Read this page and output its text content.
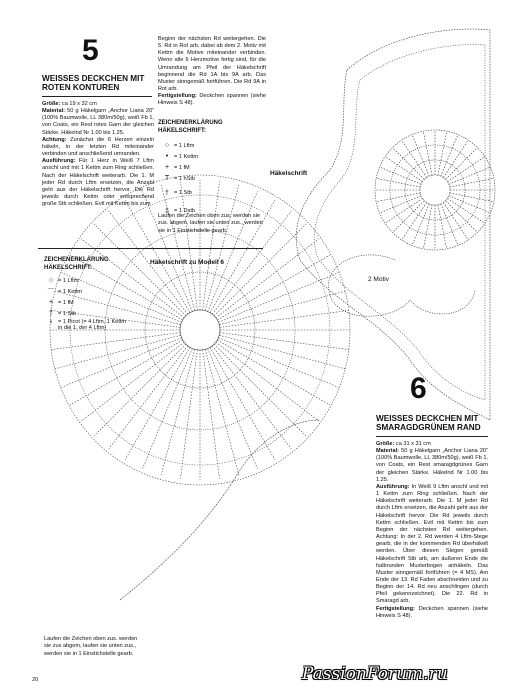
5
WEISSES DECKCHEN MIT ROTEN KONTUREN
Größe: ca 19 x 32 cm
Material: 50 g Häkelgarn „Anchor Liana 20“ (100% Baumwolle, LL 380m/50g), weiß Fb 1, von Coats, ein Rest rotes Garn der gleichen Stärke. Häkelnd Nr 1.00 bis 1.25.
Achtung: Zunächst die 6 Herzen einzeln häkeln, in der letzten Rd miteinander verbinden und anschließend umranden.
Ausführung: Für 1 Herz in Weiß 7 Lftm anschl und mit 1 Kettm zum Ring schließen. Nach der Häkelschrift weiterarb. Die 1. M jeder Rd durch Lftm ersetzen, die Anzahl geht aus der Häkelschrift hervor. Die Rd jeweils durch Kettm oder entsprechend große Stb schließen. Evtl mit Kettm bis zum
Beginn der nächsten Rd weitergehen. Die 5. Rd in Rot arb, dabei ab dem 2. Motiv mit Kettm die Motive miteinander verbinden. Wenn alle 6 Herzmotive fertig sind, für die Umrandung am Pfeil der Häkelschrift beginnend die Rd 1A bis 9A arb. Das Muster sinngemäß fortführen. Die Rd 9A in Rot arb.
Fertigstellung: Deckchen spannen (siehe Hinweis S 48).
ZEICHENERKLÄRUNG HÄKELSCHRIFT:
○ = 1 Lftm
•	= 1 Kettm
+ = 1 fM
T = 1 hStb
† = 1 Stb
‡ = 1 Dstb
Laufen die Zeichen oben zus. werden sie zus. abgem, laufen sie unten zus., werden sie in 1 Einstichstelle gearb.
Häkelschrift
2 Motiv
ZEICHENERKLÄRUNG HÄKELSCHRIFT:
○ = 1 Lftm
⌒ = 1 Kettm
+ = 1 fM
† = 1 Stb
♀ = 1 Picot (= 4 Lftm, 1 Kettm in die 1. der 4 Lftm)
Häkelschrift zu Modell 6
Laufen die Zeichen oben zus. werden sie zus abgem, laufen sie unten zus., werden sie in 1 Einstichstelle gearb.
6
WEISSES DECKCHEN MIT SMARAGDGRÜNEM RAND
Größe: ca 31 x 31 cm
Material: 50 g Häkelgarn „Anchor Liana 20“ (100% Baumwolle, LL 380m/50g), weiß Fb 1, von Coats, ein Rest smaragdgrünes Garn der gleichen Stärke. Häkelnd Nr 1.00 bis 1.25.
Ausführung: In Weiß 9 Lftm anschl und mit 1 Kettm zum Ring schließen. Nach der Häkelschrift weiterarb. Die 1. M jeder Rd durch Lftm ersetzen, die Anzahl geht aus der Häkelschrift hervor. Die Rd jeweils durch Kettm schließen. Evtl mit Kettm bis zum Beginn der nächsten Rd weitergehen. Achtung: In der 2. Rd werden 4 Lftm-Stege gearb, die in der kommenden Rd überhäkelt werden. Über diesen Stegen gemäß Häkelschrift Stb arb, am äußeren Ende die halbrunden Musterbogen anhäkeln. Das Muster sinngemäß fortführen (= 4 MS). Am Ende der 13. Rd Faden abschneiden und zu Beginn der 14. Rd neu anschlingen (durch Pfeil gekennzeichnet). Die 22. Rd in Smaragd arb.
Fertigstellung: Deckchen spannen (siehe Hinweis S 48).
20	PassionForum.ru
